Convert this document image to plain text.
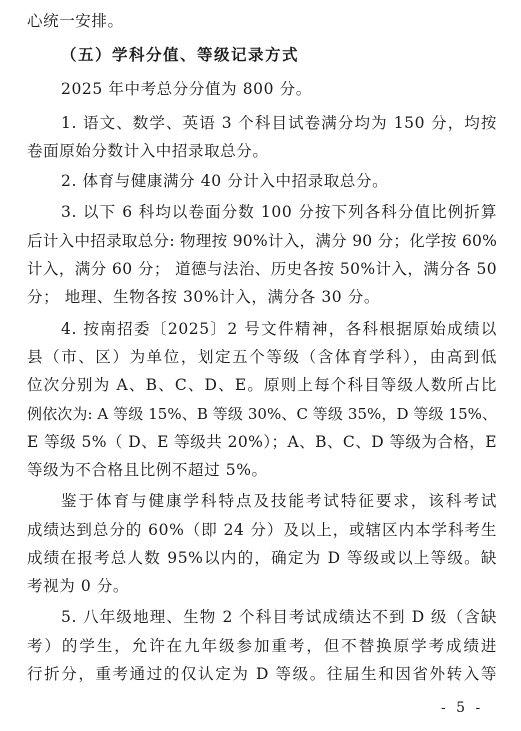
心统一安排。
（五）学科分值、等级记录方式
2025 年中考总分分值为 800 分。
1. 语文、数学、英语 3 个科目试卷满分均为 150 分，均按
卷面原始分数计入中招录取总分。
2. 体育与健康满分 40 分计入中招录取总分。
3. 以下 6 科均以卷面分数 100 分按下列各科分值比例折算
后计入中招录取总分: 物理按 90%计入，满分 90 分；化学按 60%
计入，满分 60 分； 道德与法治、历史各按 50%计入，满分各 50
分； 地理、生物各按 30%计入，满分各 30 分。
4. 按南招委〔2025〕2 号文件精神，各科根据原始成绩以
县（市、区）为单位，划定五个等级（含体育学科），由高到低
位次分别为 A、B、C、D、E。原则上每个科目等级人数所占比
例依次为: A 等级 15%、B 等级 30%、C 等级 35%，D 等级 15%、
E 等级 5%（ D、E 等级共 20%）；A、B、C、D 等级为合格，E
等级为不合格且比例不超过 5%。
鉴于体育与健康学科特点及技能考试特征要求，该科考试
成绩达到总分的 60%（即 24 分）及以上，或辖区内本学科考生
成绩在报考总人数 95%以内的，确定为 D 等级或以上等级。缺
考视为 0 分。
5. 八年级地理、生物 2 个科目考试成绩达不到 D 级（含缺
考）的学生，允许在九年级参加重考，但不替换原学考成绩进
行折分，重考通过的仅认定为 D 等级。往届生和因省外转入等
- 5 -
